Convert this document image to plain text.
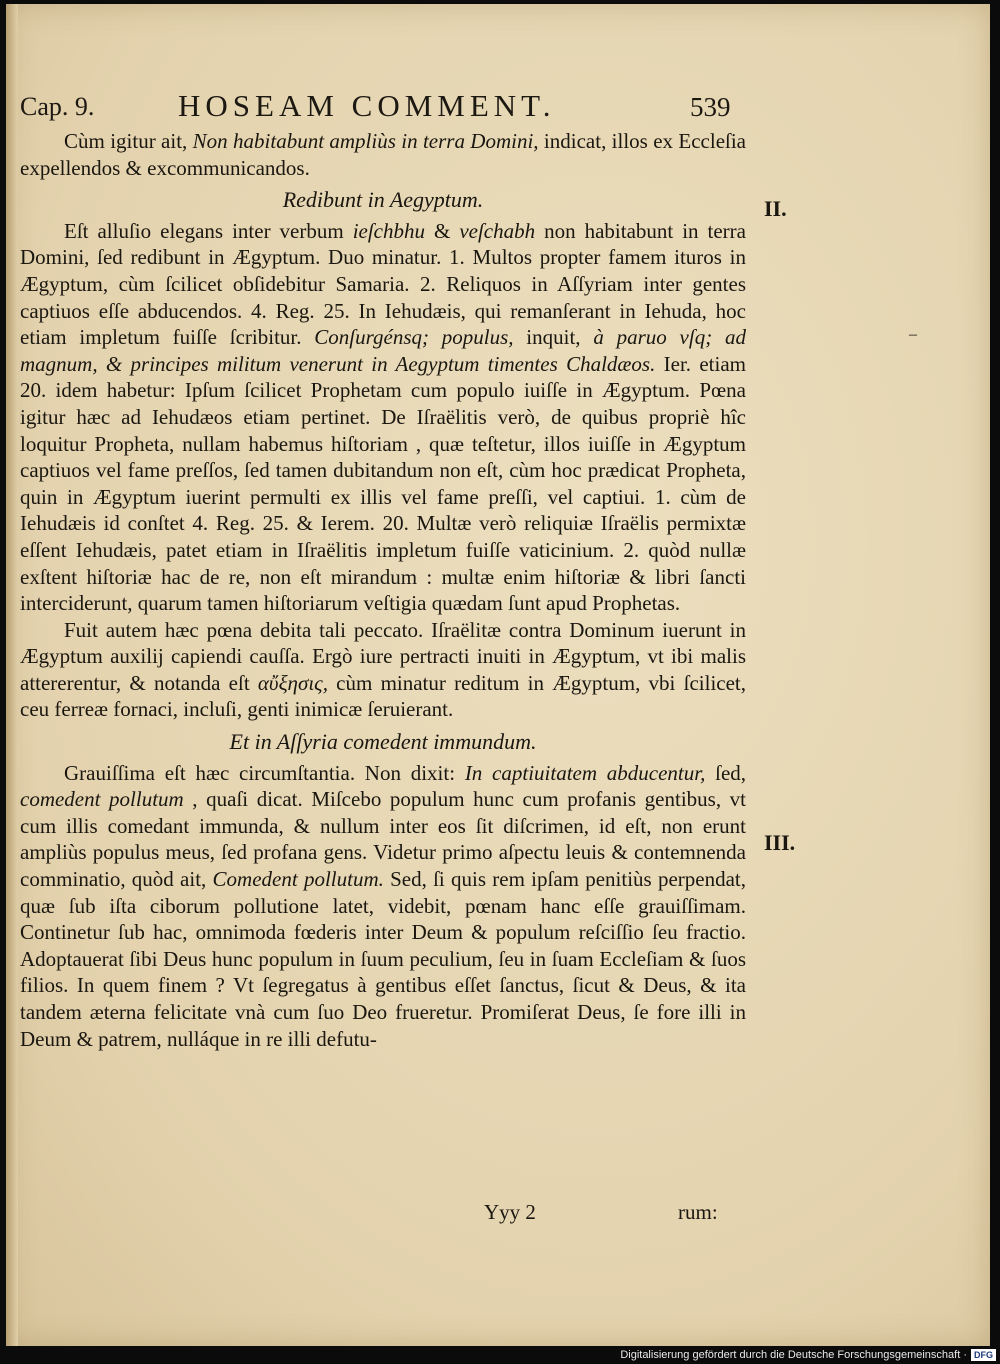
Cap. 9.	HOSEAM COMMENT.	539

Cùm igitur ait, Non habitabunt ampliùs in terra Domini, indicat, illos ex Eccleſia expellendos & excommunicandos.

Redibunt in Aegyptum.

Eſt alluſio elegans inter verbum ieſchbhu & veſchabh non habitabunt in terra Domini, ſed redibunt in Ægyptum. Duo minatur. 1. Multos propter famem ituros in Ægyptum, cùm ſcilicet obſidebitur Samaria. 2. Reliquos in Aſſyriam inter gentes captiuos eſſe abducendos. 4. Reg. 25. In Iehudæis, qui remanſerant in Iehuda, hoc etiam impletum fuiſſe ſcribitur. Conſurgénsq; populus, inquit, à paruo vſq; ad magnum, & principes militum venerunt in Aegyptum timentes Chaldæos. Ier. etiam 20. idem habetur: Ipſum ſcilicet Prophetam cum populo iuiſſe in Ægyptum. Pœna igitur hæc ad Iehudæos etiam pertinet. De Iſraëlitis verò, de quibus propriè hîc loquitur Propheta, nullam habemus hiſtoriam , quæ teſtetur, illos iuiſſe in Ægyptum captiuos vel fame preſſos, ſed tamen dubitandum non eſt, cùm hoc prædicat Propheta, quin in Ægyptum iuerint permulti ex illis vel fame preſſi, vel captiui. 1. cùm de Iehudæis id conſtet 4. Reg. 25. & Ierem. 20. Multæ verò reliquiæ Iſraëlis permixtæ eſſent Iehudæis, patet etiam in Iſraëlitis impletum fuiſſe vaticinium. 2. quòd nullæ exſtent hiſtoriæ hac de re, non eſt mirandum : multæ enim hiſtoriæ & libri ſancti interciderunt, quarum tamen hiſtoriarum veſtigia quædam ſunt apud Prophetas.

Fuit autem hæc pœna debita tali peccato. Iſraëlitæ contra Dominum iuerunt in Ægyptum auxilij capiendi cauſſa. Ergò iure pertracti inuiti in Ægyptum, vt ibi malis attererentur, & notanda eſt αὔξησις, cùm minatur reditum in Ægyptum, vbi ſcilicet, ceu ferreæ fornaci, incluſi, genti inimicæ ſeruierant.

Et in Aſſyria comedent immundum.

Grauiſſima eſt hæc circumſtantia. Non dixit: In captiuitatem abducentur, ſed, comedent pollutum , quaſi dicat. Miſcebo populum hunc cum profanis gentibus, vt cum illis comedant immunda, & nullum inter eos ſit diſcrimen, id eſt, non erunt ampliùs populus meus, ſed profana gens. Videtur primo aſpectu leuis & contemnenda comminatio, quòd ait, Comedent pollutum. Sed, ſi quis rem ipſam penitiùs perpendat, quæ ſub iſta ciborum pollutione latet, videbit, pœnam hanc eſſe grauiſſimam. Continetur ſub hac, omnimoda fœderis inter Deum & populum reſciſſio ſeu fractio. Adoptauerat ſibi Deus hunc populum in ſuum peculium, ſeu in ſuam Eccleſiam & ſuos filios. In quem finem ? Vt ſegregatus à gentibus eſſet ſanctus, ſicut & Deus, & ita tandem æterna felicitate vnà cum ſuo Deo frueretur. Promiſerat Deus, ſe fore illi in Deum & patrem, nulláque in re illi defutu-

II.
–
III.
Yyy 2	rum:
Digitalisierung gefördert durch die Deutsche Forschungsgemeinschaft · DFG
